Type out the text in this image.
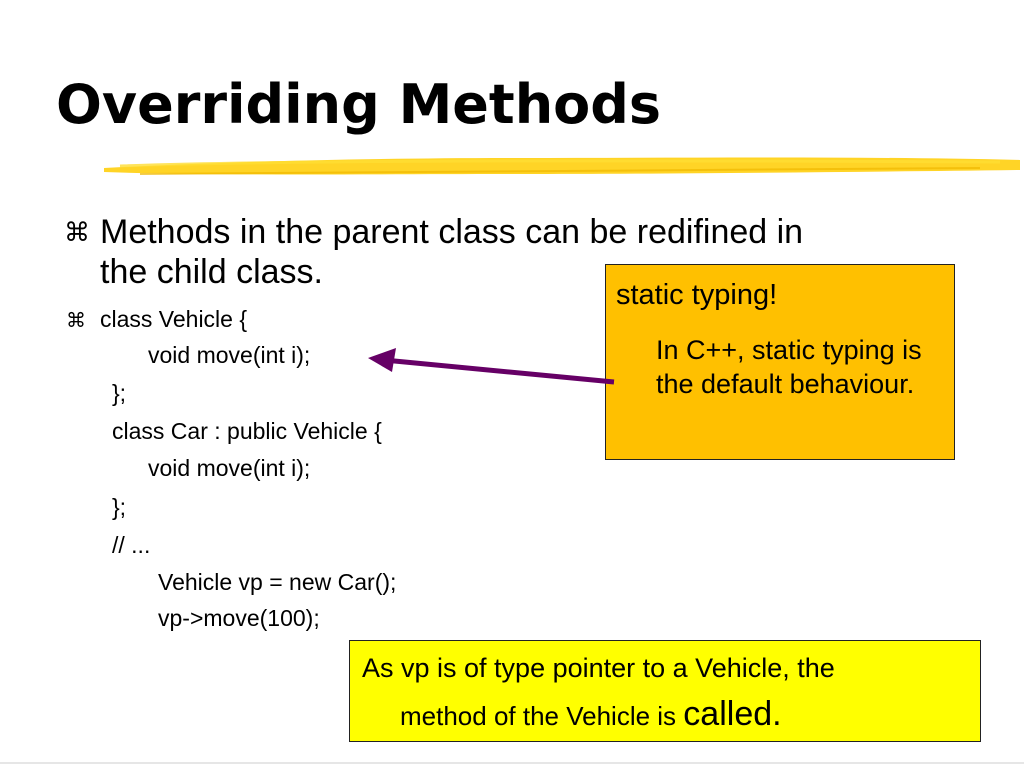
Overriding Methods
⌘ Methods in the parent class can be redifined in
the child class.
⌘ class Vehicle {
void move(int i);
};
class Car : public Vehicle {
void move(int i);
};
// ...
Vehicle vp = new Car();
vp->move(100);
static typing!
In C++, static typing is the default behaviour.
As vp is of type pointer to a Vehicle, the
method of the Vehicle is called.
